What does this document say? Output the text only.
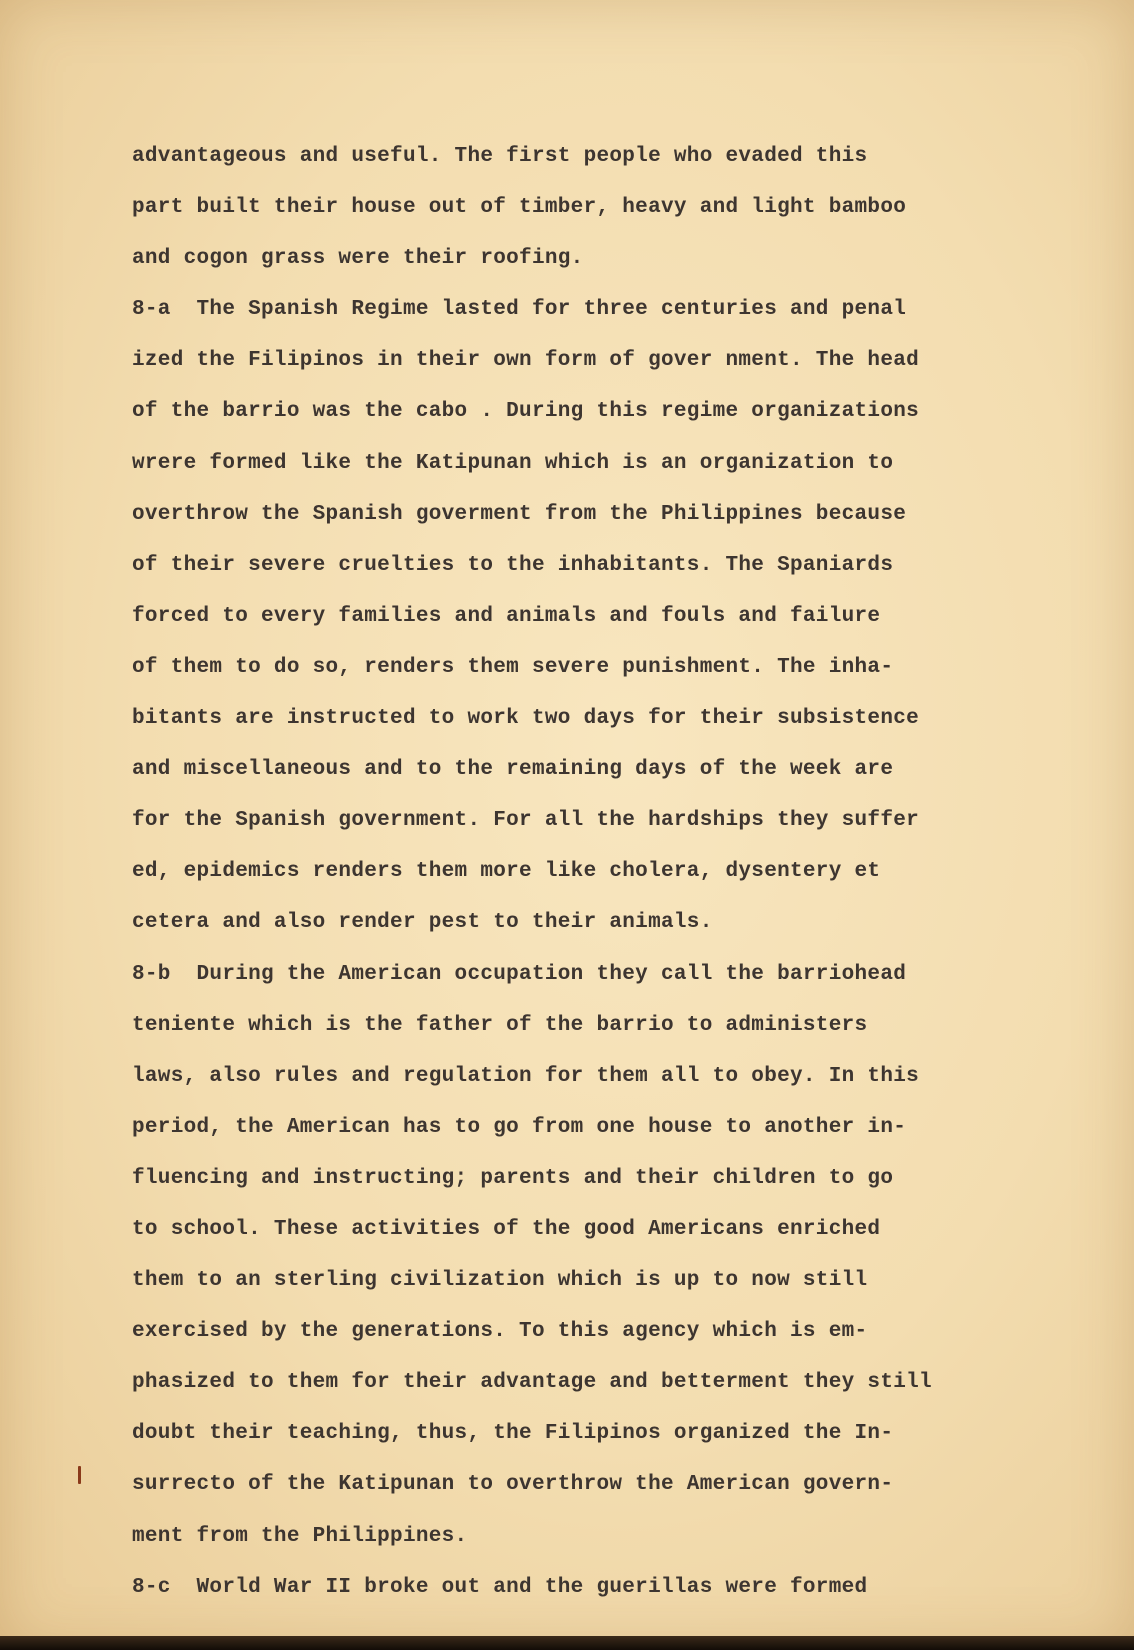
advantageous and useful. The first people who evaded this
part built their house out of timber, heavy and light bamboo
and cogon grass were their roofing.
8-a  The Spanish Regime lasted for three centuries and penal
ized the Filipinos in their own form of gover nment. The head
of the barrio was the cabo . During this regime organizations
wrere formed like the Katipunan which is an organization to
overthrow the Spanish goverment from the Philippines because
of their severe cruelties to the inhabitants. The Spaniards
forced to every families and animals and fouls and failure
of them to do so, renders them severe punishment. The inha-
bitants are instructed to work two days for their subsistence
and miscellaneous and to the remaining days of the week are
for the Spanish government. For all the hardships they suffer
ed, epidemics renders them more like cholera, dysentery et
cetera and also render pest to their animals.
8-b  During the American occupation they call the barriohead
teniente which is the father of the barrio to administers
laws, also rules and regulation for them all to obey. In this
period, the American has to go from one house to another in-
fluencing and instructing; parents and their children to go
to school. These activities of the good Americans enriched
them to an sterling civilization which is up to now still
exercised by the generations. To this agency which is em-
phasized to them for their advantage and betterment they still
doubt their teaching, thus, the Filipinos organized the In-
surrecto of the Katipunan to overthrow the American govern-
ment from the Philippines.
8-c  World War II broke out and the guerillas were formed
